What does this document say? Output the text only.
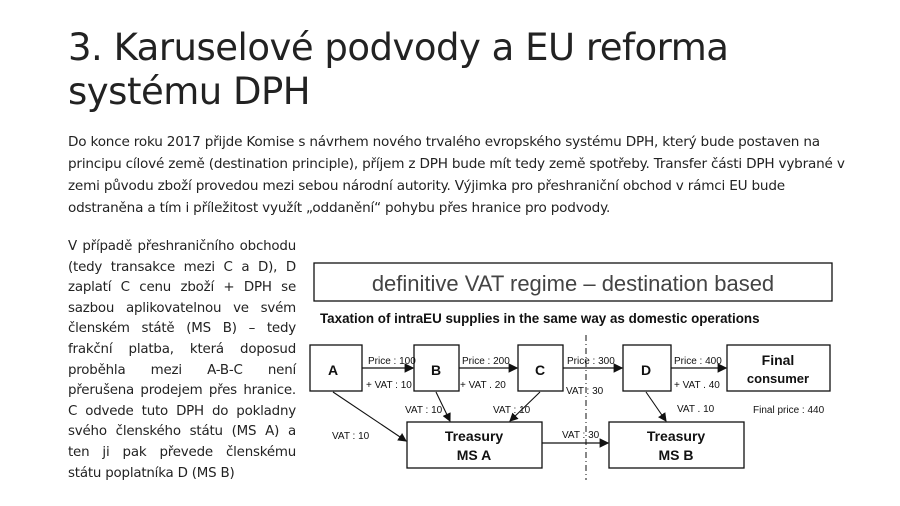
3. Karuselové podvody a EU reforma systému DPH
Do konce roku 2017 přijde Komise s návrhem nového trvalého evropského systému DPH, který bude postaven na principu cílové země (destination principle), příjem z DPH bude mít tedy země spotřeby. Transfer části DPH vybrané v zemi původu zboží provedou mezi sebou národní autority. Výjimka pro přeshraniční obchod v rámci EU bude odstraněna a tím i příležitost využít „oddanění“ pohybu přes hranice pro podvody.
V případě přeshraničního obchodu (tedy transakce mezi C a D), D zaplatí C cenu zboží + DPH se sazbou aplikovatelnou ve svém členském státě (MS B) – tedy frakční platba, která doposud proběhla mezi A-B-C není přerušena prodejem přes hranice. C odvede tuto DPH do pokladny svého členského státu (MS A) a ten ji pak převede členskému státu poplatníka D (MS B)
definitive VAT regime – destination based
Taxation of intraEU supplies in the same way as domestic operations
A	B	C	D
Final
consumer
Treasury
MS A
Treasury
MS B
Price : 100
+ VAT : 10
Price : 200
+ VAT . 20
Price : 300
VAT : 30
Price : 400
+ VAT . 40
VAT : 10
VAT : 10	VAT : 10
VAT : 30
VAT . 10	Final price : 440
